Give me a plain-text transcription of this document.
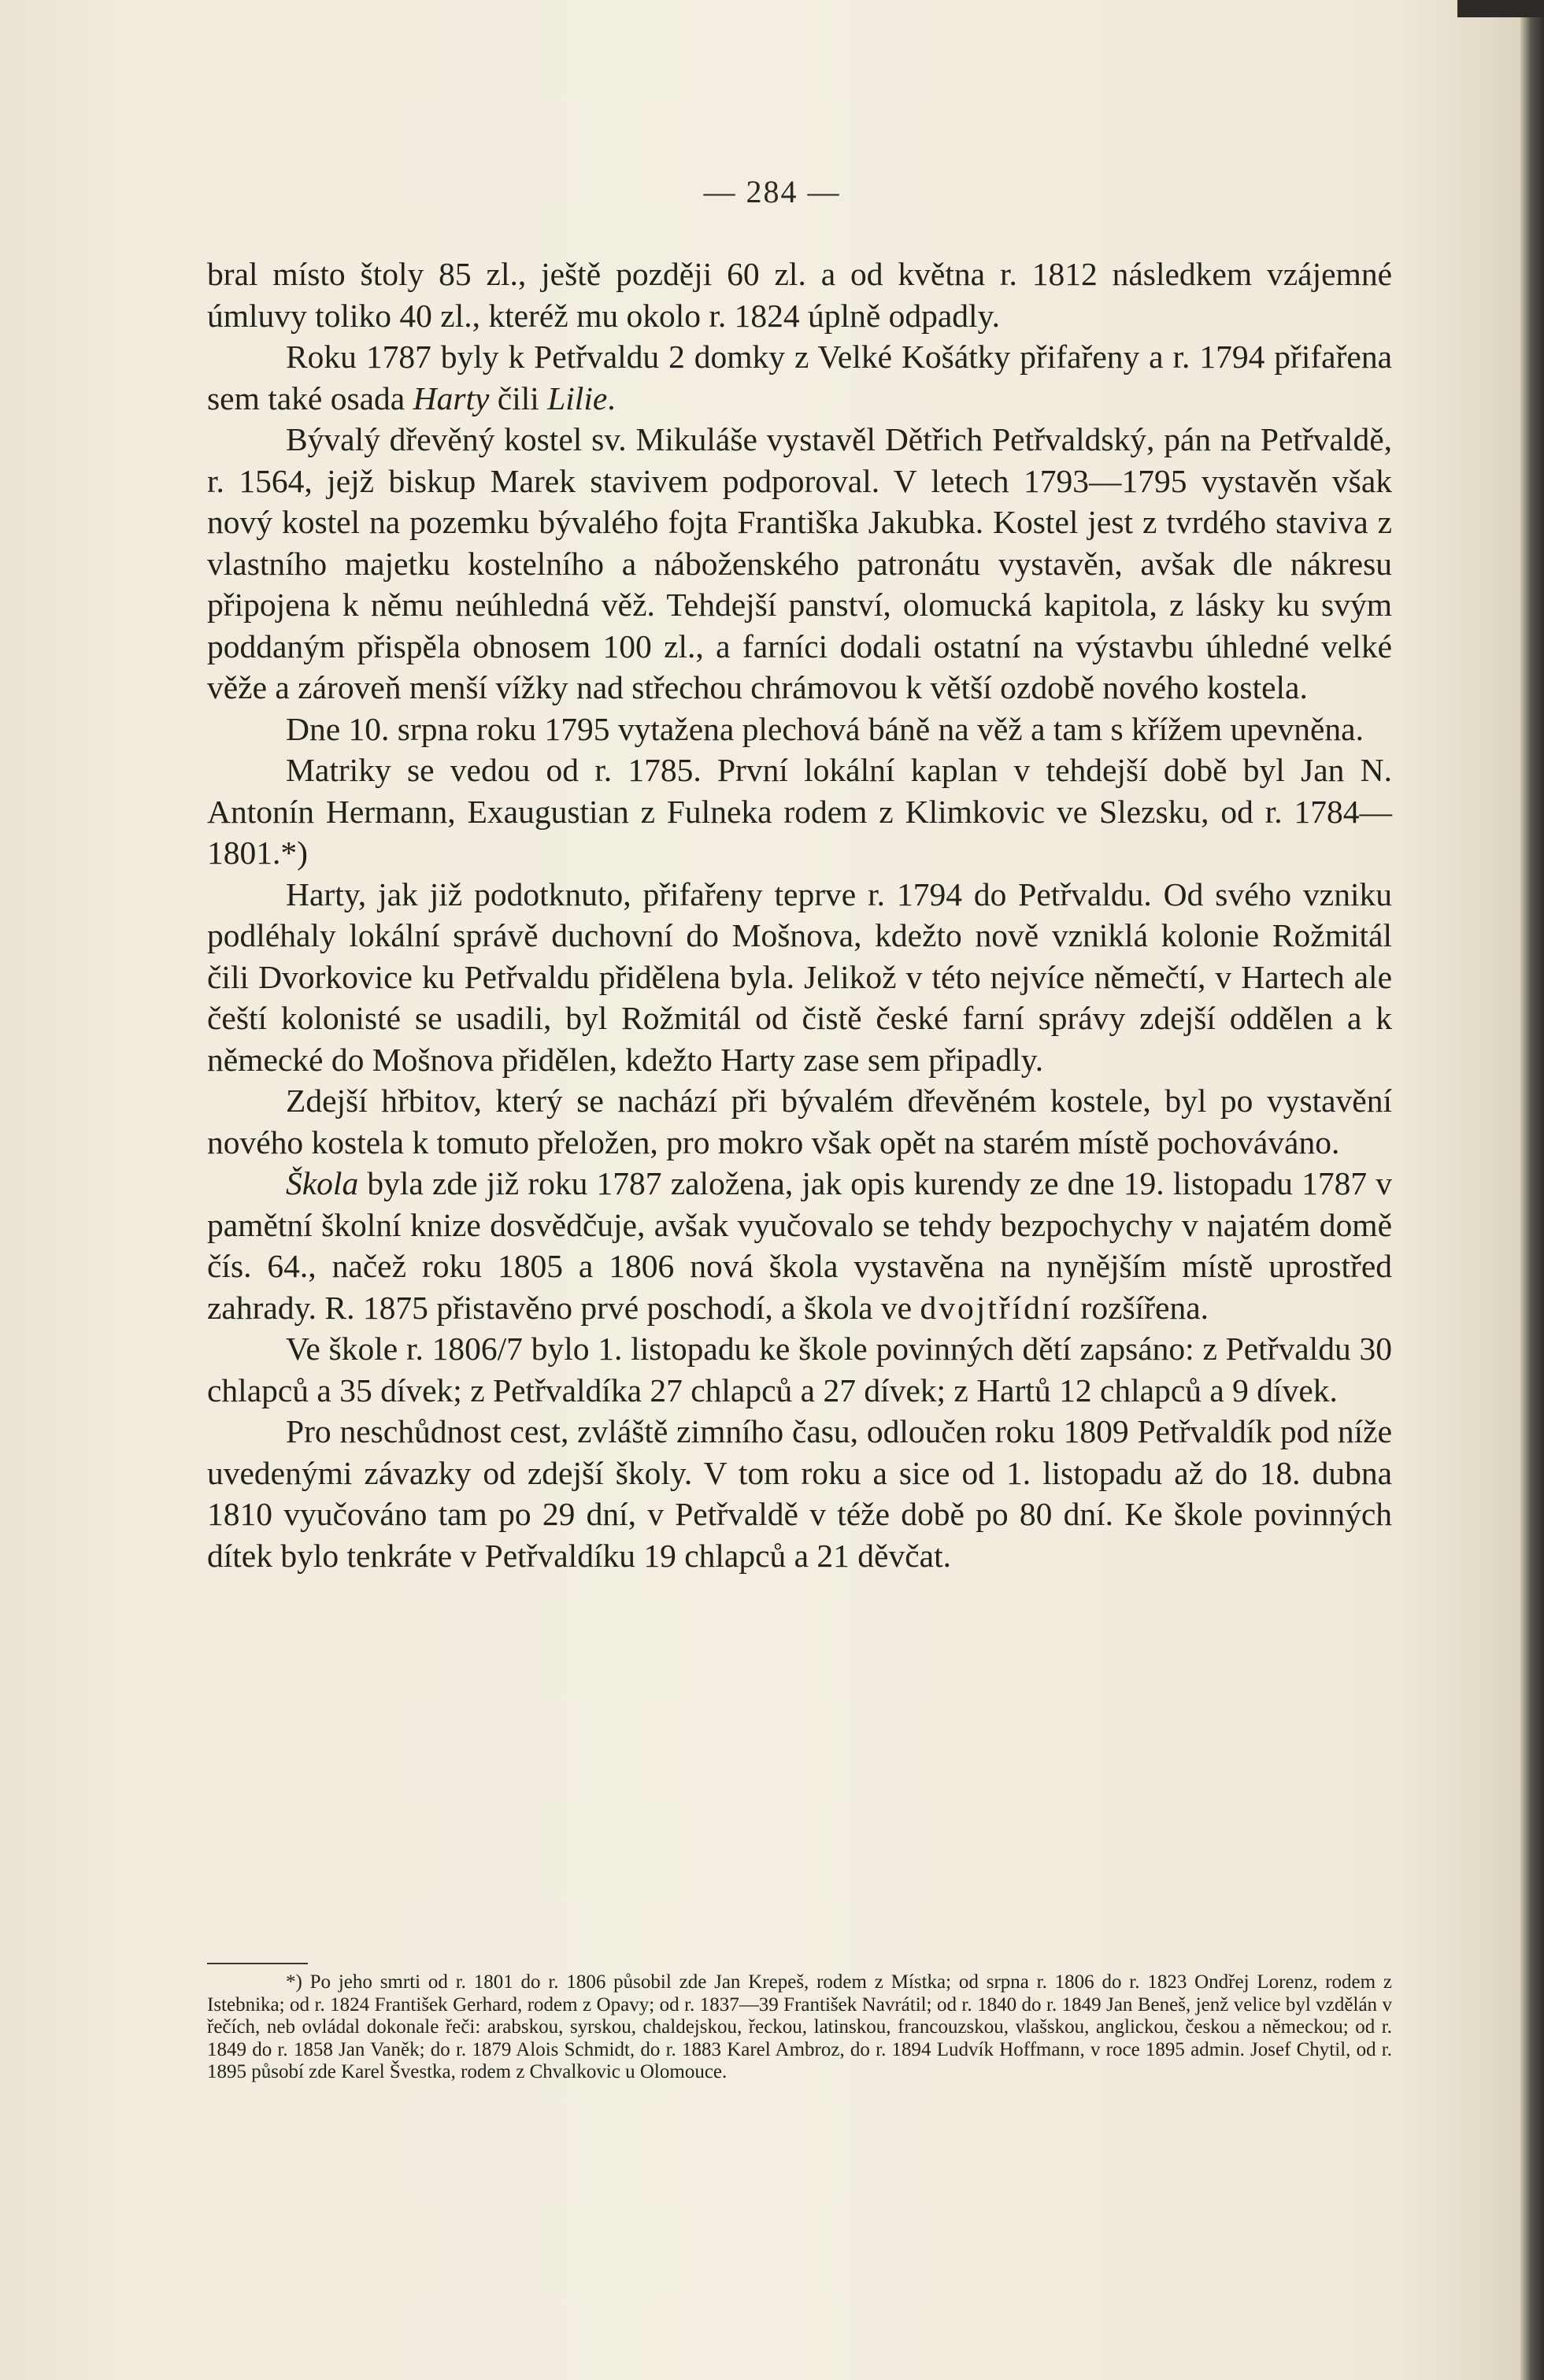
— 284 —

bral místo štoly 85 zl., ještě později 60 zl. a od května r. 1812 následkem vzájemné úmluvy toliko 40 zl., kteréž mu okolo r. 1824 úplně odpadly.

Roku 1787 byly k Petřvaldu 2 domky z Velké Košátky přifařeny a r. 1794 přifařena sem také osada Harty čili Lilie.

Bývalý dřevěný kostel sv. Mikuláše vystavěl Dětřich Petřvaldský, pán na Petřvaldě, r. 1564, jejž biskup Marek stavivem podporoval. V letech 1793—1795 vystavěn však nový kostel na pozemku bývalého fojta Františka Jakubka. Kostel jest z tvrdého staviva z vlastního majetku kostelního a náboženského patronátu vystavěn, avšak dle nákresu připojena k němu neúhledná věž. Tehdejší panství, olomucká kapitola, z lásky ku svým poddaným přispěla obnosem 100 zl., a farníci dodali ostatní na výstavbu úhledné velké věže a zároveň menší vížky nad střechou chrámovou k větší ozdobě nového kostela.

Dne 10. srpna roku 1795 vytažena plechová báně na věž a tam s křížem upevněna.

Matriky se vedou od r. 1785. První lokální kaplan v tehdejší době byl Jan N. Antonín Hermann, Exaugustian z Fulneka rodem z Klimkovic ve Slezsku, od r. 1784—1801.*)

Harty, jak již podotknuto, přifařeny teprve r. 1794 do Petřvaldu. Od svého vzniku podléhaly lokální správě duchovní do Mošnova, kdežto nově vzniklá kolonie Rožmitál čili Dvorkovice ku Petřvaldu přidělena byla. Jelikož v této nejvíce němečtí, v Hartech ale čeští kolonisté se usadili, byl Rožmitál od čistě české farní správy zdejší oddělen a k německé do Mošnova přidělen, kdežto Harty zase sem připadly.

Zdejší hřbitov, který se nachází při bývalém dřevěném kostele, byl po vystavění nového kostela k tomuto přeložen, pro mokro však opět na starém místě pochováváno.

Škola byla zde již roku 1787 založena, jak opis kurendy ze dne 19. listopadu 1787 v pamětní školní knize dosvědčuje, avšak vyučovalo se tehdy bezpochychy v najatém domě čís. 64., načež roku 1805 a 1806 nová škola vystavěna na nynějším místě uprostřed zahrady. R. 1875 přistavěno prvé poschodí, a škola ve dvojtřídní rozšířena.

Ve škole r. 1806/7 bylo 1. listopadu ke škole povinných dětí zapsáno: z Petřvaldu 30 chlapců a 35 dívek; z Petřvaldíka 27 chlapců a 27 dívek; z Hartů 12 chlapců a 9 dívek.

Pro neschůdnost cest, zvláště zimního času, odloučen roku 1809 Petřvaldík pod níže uvedenými závazky od zdejší školy. V tom roku a sice od 1. listopadu až do 18. dubna 1810 vyučováno tam po 29 dní, v Petřvaldě v téže době po 80 dní. Ke škole povinných dítek bylo tenkráte v Petřvaldíku 19 chlapců a 21 děvčat.

*) Po jeho smrti od r. 1801 do r. 1806 působil zde Jan Krepeš, rodem z Místka; od srpna r. 1806 do r. 1823 Ondřej Lorenz, rodem z Istebnika; od r. 1824 František Gerhard, rodem z Opavy; od r. 1837—39 František Navrátil; od r. 1840 do r. 1849 Jan Beneš, jenž velice byl vzdělán v řečích, neb ovládal dokonale řeči: arabskou, syrskou, chaldejskou, řeckou, latinskou, francouzskou, vlašskou, anglickou, českou a německou; od r. 1849 do r. 1858 Jan Vaněk; do r. 1879 Alois Schmidt, do r. 1883 Karel Ambroz, do r. 1894 Ludvík Hoffmann, v roce 1895 admin. Josef Chytil, od r. 1895 působí zde Karel Švestka, rodem z Chvalkovic u Olomouce.
